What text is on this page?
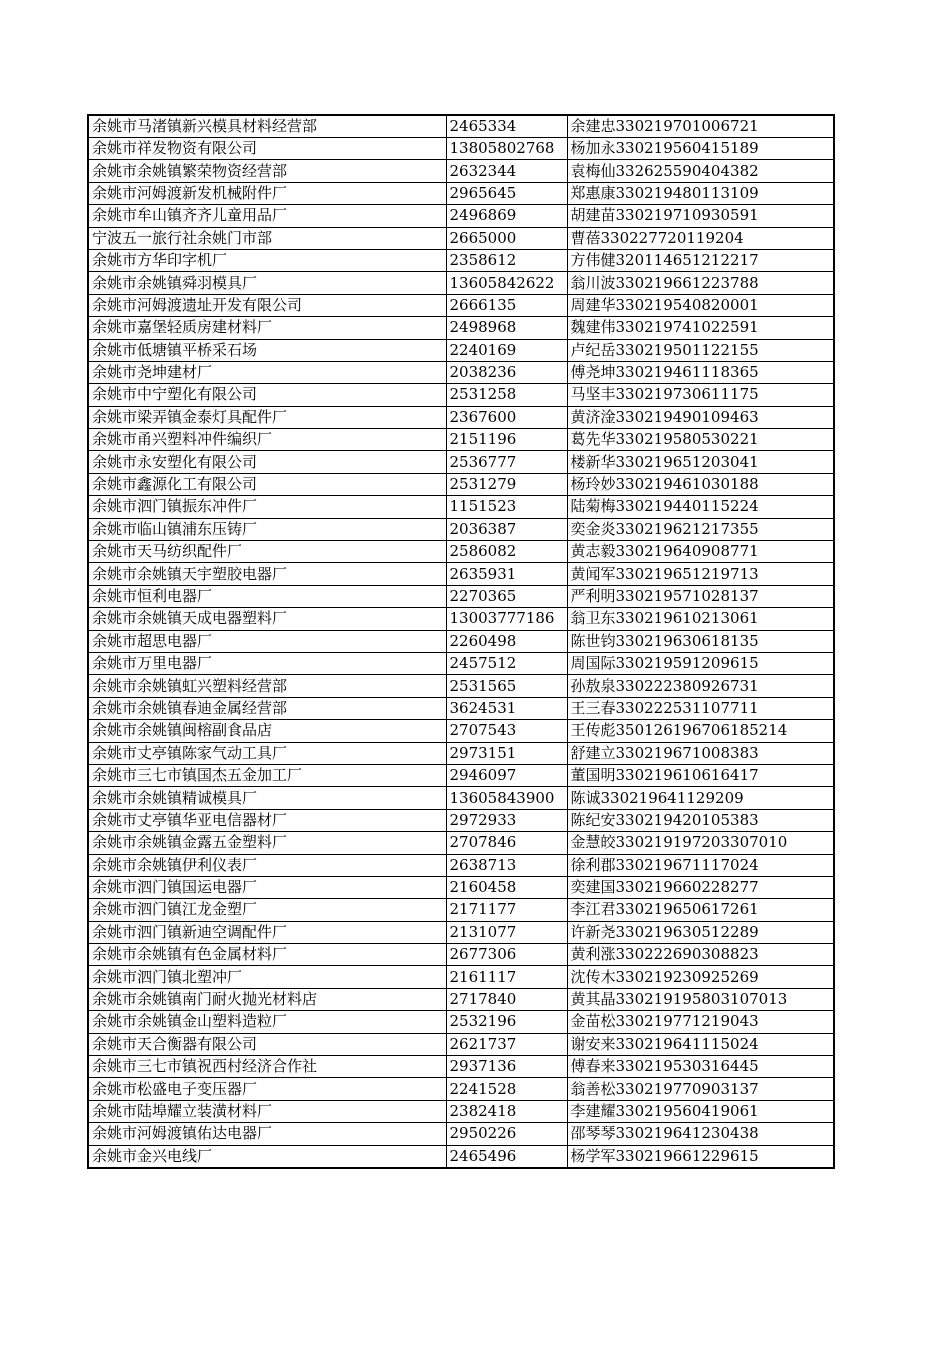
余姚市马渚镇新兴模具材料经营部	2465334	余建忠330219701006721
余姚市祥发物资有限公司	13805802768	杨加永330219560415189
余姚市余姚镇繁荣物资经营部	2632344	袁梅仙332625590404382
余姚市河姆渡新发机械附件厂	2965645	郑惠康330219480113109
余姚市牟山镇齐齐儿童用品厂	2496869	胡建苗330219710930591
宁波五一旅行社余姚门市部	2665000	曹蓓330227720119204
余姚市方华印字机厂	2358612	方伟健320114651212217
余姚市余姚镇舜羽模具厂	13605842622	翁川波330219661223788
余姚市河姆渡遗址开发有限公司	2666135	周建华330219540820001
余姚市嘉堡轻质房建材料厂	2498968	魏建伟330219741022591
余姚市低塘镇平桥采石场	2240169	卢纪岳330219501122155
余姚市尧坤建材厂	2038236	傅尧坤330219461118365
余姚市中宁塑化有限公司	2531258	马坚丰330219730611175
余姚市梁弄镇金泰灯具配件厂	2367600	黄济淦330219490109463
余姚市甬兴塑料冲件编织厂	2151196	葛先华330219580530221
余姚市永安塑化有限公司	2536777	楼新华330219651203041
余姚市鑫源化工有限公司	2531279	杨玲妙330219461030188
余姚市泗门镇振东冲件厂	1151523	陆菊梅330219440115224
余姚市临山镇浦东压铸厂	2036387	奕金炎330219621217355
余姚市天马纺织配件厂	2586082	黄志毅330219640908771
余姚市余姚镇天宇塑胶电器厂	2635931	黄闻军330219651219713
余姚市恒利电器厂	2270365	严利明330219571028137
余姚市余姚镇天成电器塑料厂	13003777186	翁卫东330219610213061
余姚市超思电器厂	2260498	陈世钧330219630618135
余姚市万里电器厂	2457512	周国际330219591209615
余姚市余姚镇虹兴塑料经营部	2531565	孙敖泉330222380926731
余姚市余姚镇春迪金属经营部	3624531	王三春330222531107711
余姚市余姚镇闽榕副食品店	2707543	王传彪350126196706185214
余姚市丈亭镇陈家气动工具厂	2973151	舒建立330219671008383
余姚市三七市镇国杰五金加工厂	2946097	董国明330219610616417
余姚市余姚镇精诚模具厂	13605843900	陈诚330219641129209
余姚市丈亭镇华亚电信器材厂	2972933	陈纪安330219420105383
余姚市余姚镇金露五金塑料厂	2707846	金慧皎330219197203307010
余姚市余姚镇伊利仪表厂	2638713	徐利郡330219671117024
余姚市泗门镇国运电器厂	2160458	奕建国330219660228277
余姚市泗门镇江龙金塑厂	2171177	李江君330219650617261
余姚市泗门镇新迪空调配件厂	2131077	许新尧330219630512289
余姚市余姚镇有色金属材料厂	2677306	黄利涨330222690308823
余姚市泗门镇北塑冲厂	2161117	沈传木330219230925269
余姚市余姚镇南门耐火抛光材料店	2717840	黄其晶330219195803107013
余姚市余姚镇金山塑料造粒厂	2532196	金苗松330219771219043
余姚市天合衡器有限公司	2621737	谢安来330219641115024
余姚市三七市镇祝西村经济合作社	2937136	傅春来330219530316445
余姚市松盛电子变压器厂	2241528	翁善松330219770903137
余姚市陆埠耀立装潢材料厂	2382418	李建耀330219560419061
余姚市河姆渡镇佑达电器厂	2950226	邵琴琴330219641230438
余姚市金兴电线厂	2465496	杨学军330219661229615
